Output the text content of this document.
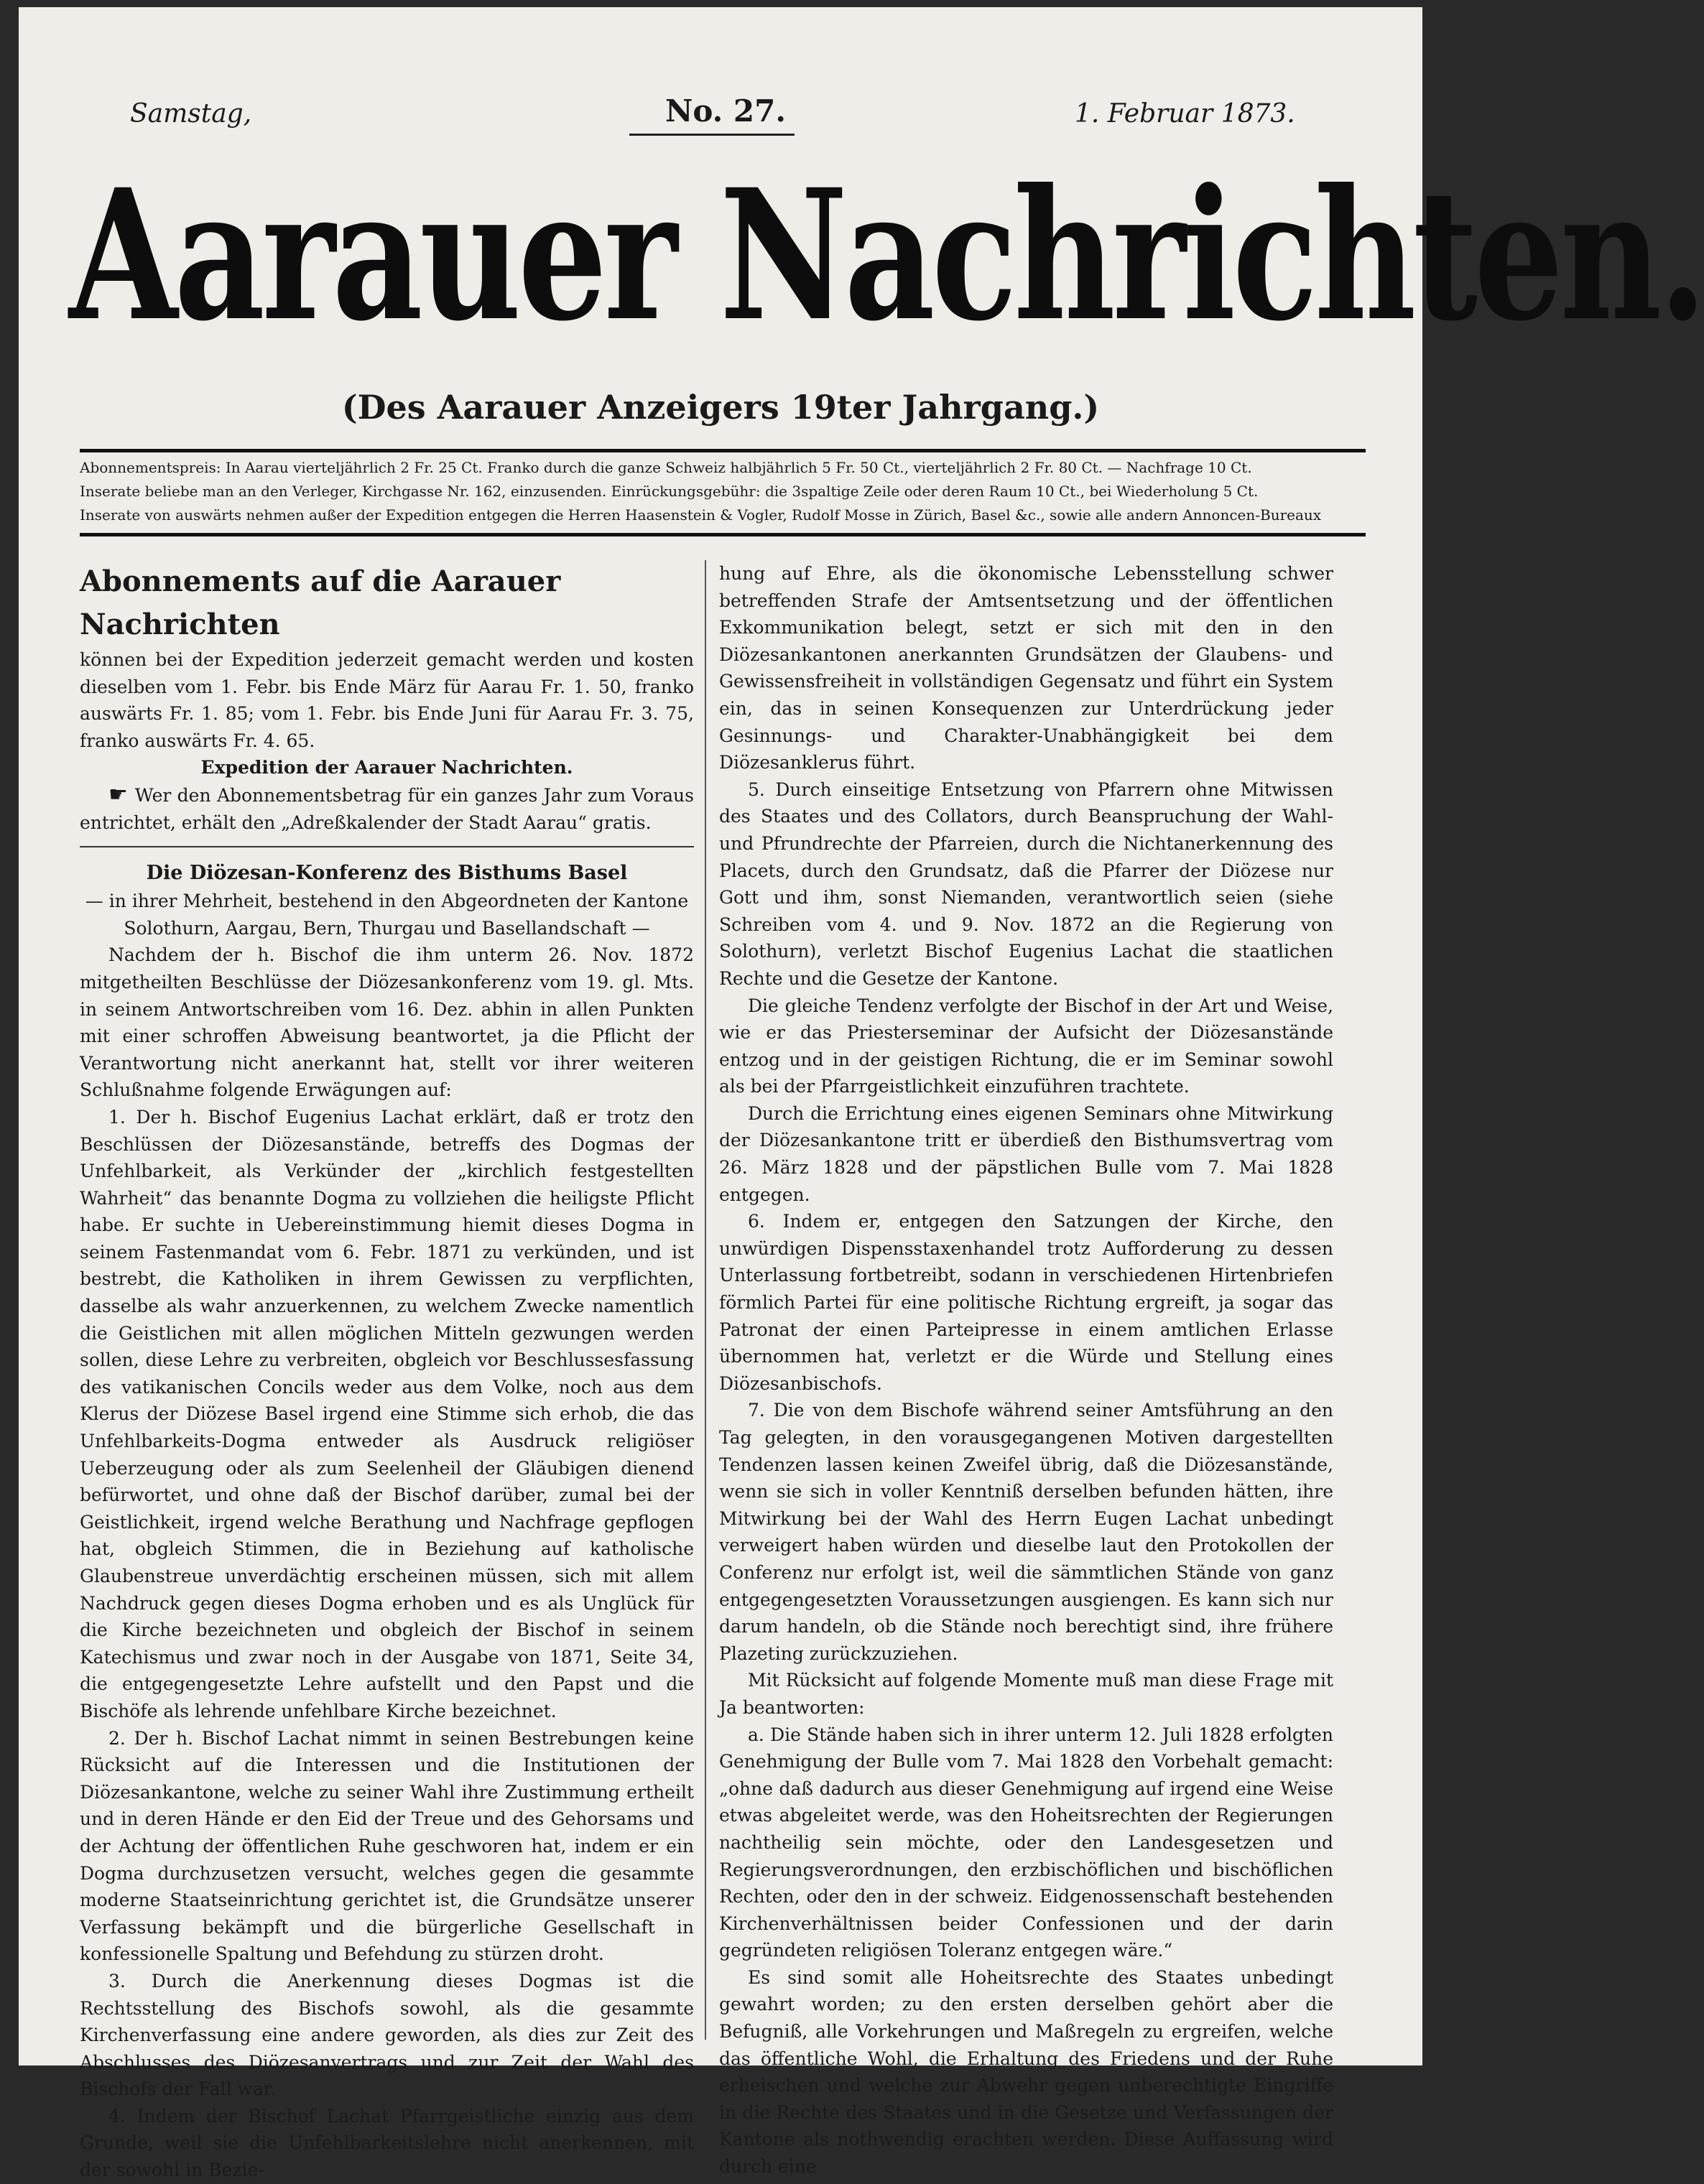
Samstag,	No. 27.	1. Februar 1873.
Aarauer Nachrichten.
(Des Aarauer Anzeigers 19ter Jahrgang.)
Abonnementspreis: In Aarau vierteljährlich 2 Fr. 25 Ct. Franko durch die ganze Schweiz halbjährlich 5 Fr. 50 Ct., vierteljährlich 2 Fr. 80 Ct. — Nachfrage 10 Ct.
Inserate beliebe man an den Verleger, Kirchgasse Nr. 162, einzusenden. Einrückungsgebühr: die 3spaltige Zeile oder deren Raum 10 Ct., bei Wiederholung 5 Ct.
Inserate von auswärts nehmen außer der Expedition entgegen die Herren Haasenstein & Vogler, Rudolf Mosse in Zürich, Basel &c., sowie alle andern Annoncen-Bureaux
Abonnements auf die Aarauer Nachrichten

können bei der Expedition jederzeit gemacht werden und kosten dieselben vom 1. Febr. bis Ende März für Aarau Fr. 1. 50, franko auswärts Fr. 1. 85; vom 1. Febr. bis Ende Juni für Aarau Fr. 3. 75, franko auswärts Fr. 4. 65.

Expedition der Aarauer Nachrichten.

☛ Wer den Abonnementsbetrag für ein ganzes Jahr zum Voraus entrichtet, erhält den „Adreßkalender der Stadt Aarau“ gratis.

Die Diözesan-Konferenz des Bisthums Basel

— in ihrer Mehrheit, bestehend in den Abgeordneten der Kantone Solothurn, Aargau, Bern, Thurgau und Basellandschaft —

Nachdem der h. Bischof die ihm unterm 26. Nov. 1872 mitgetheilten Beschlüsse der Diözesankonferenz vom 19. gl. Mts. in seinem Antwortschreiben vom 16. Dez. abhin in allen Punkten mit einer schroffen Abweisung beantwortet, ja die Pflicht der Verantwortung nicht anerkannt hat, stellt vor ihrer weiteren Schlußnahme folgende Erwägungen auf:

1. Der h. Bischof Eugenius Lachat erklärt, daß er trotz den Beschlüssen der Diözesanstände, betreffs des Dogmas der Unfehlbarkeit, als Verkünder der „kirchlich festgestellten Wahrheit“ das benannte Dogma zu vollziehen die heiligste Pflicht habe. Er suchte in Uebereinstimmung hiemit dieses Dogma in seinem Fastenmandat vom 6. Febr. 1871 zu verkünden, und ist bestrebt, die Katholiken in ihrem Gewissen zu verpflichten, dasselbe als wahr anzuerkennen, zu welchem Zwecke namentlich die Geistlichen mit allen möglichen Mitteln gezwungen werden sollen, diese Lehre zu verbreiten, obgleich vor Beschlussesfassung des vatikanischen Concils weder aus dem Volke, noch aus dem Klerus der Diözese Basel irgend eine Stimme sich erhob, die das Unfehlbarkeits-Dogma entweder als Ausdruck religiöser Ueberzeugung oder als zum Seelenheil der Gläubigen dienend befürwortet, und ohne daß der Bischof darüber, zumal bei der Geistlichkeit, irgend welche Berathung und Nachfrage gepflogen hat, obgleich Stimmen, die in Beziehung auf katholische Glaubenstreue unverdächtig erscheinen müssen, sich mit allem Nachdruck gegen dieses Dogma erhoben und es als Unglück für die Kirche bezeichneten und obgleich der Bischof in seinem Katechismus und zwar noch in der Ausgabe von 1871, Seite 34, die entgegengesetzte Lehre aufstellt und den Papst und die Bischöfe als lehrende unfehlbare Kirche bezeichnet.

2. Der h. Bischof Lachat nimmt in seinen Bestrebungen keine Rücksicht auf die Interessen und die Institutionen der Diözesankantone, welche zu seiner Wahl ihre Zustimmung ertheilt und in deren Hände er den Eid der Treue und des Gehorsams und der Achtung der öffentlichen Ruhe geschworen hat, indem er ein Dogma durchzusetzen versucht, welches gegen die gesammte moderne Staatseinrichtung gerichtet ist, die Grundsätze unserer Verfassung bekämpft und die bürgerliche Gesellschaft in konfessionelle Spaltung und Befehdung zu stürzen droht.

3. Durch die Anerkennung dieses Dogmas ist die Rechtsstellung des Bischofs sowohl, als die gesammte Kirchenverfassung eine andere geworden, als dies zur Zeit des Abschlusses des Diözesanvertrags und zur Zeit der Wahl des Bischofs der Fall war.

4. Indem der Bischof Lachat Pfarrgeistliche einzig aus dem Grunde, weil sie die Unfehlbarkeitslehre nicht anerkennen, mit der sowohl in Bezie-

hung auf Ehre, als die ökonomische Lebensstellung schwer betreffenden Strafe der Amtsentsetzung und der öffentlichen Exkommunikation belegt, setzt er sich mit den in den Diözesankantonen anerkannten Grundsätzen der Glaubens- und Gewissensfreiheit in vollständigen Gegensatz und führt ein System ein, das in seinen Konsequenzen zur Unterdrückung jeder Gesinnungs- und Charakter-Unabhängigkeit bei dem Diözesanklerus führt.

5. Durch einseitige Entsetzung von Pfarrern ohne Mitwissen des Staates und des Collators, durch Beanspruchung der Wahl- und Pfrundrechte der Pfarreien, durch die Nichtanerkennung des Placets, durch den Grundsatz, daß die Pfarrer der Diözese nur Gott und ihm, sonst Niemanden, verantwortlich seien (siehe Schreiben vom 4. und 9. Nov. 1872 an die Regierung von Solothurn), verletzt Bischof Eugenius Lachat die staatlichen Rechte und die Gesetze der Kantone.

Die gleiche Tendenz verfolgte der Bischof in der Art und Weise, wie er das Priesterseminar der Aufsicht der Diözesanstände entzog und in der geistigen Richtung, die er im Seminar sowohl als bei der Pfarrgeistlichkeit einzuführen trachtete.

Durch die Errichtung eines eigenen Seminars ohne Mitwirkung der Diözesankantone tritt er überdieß den Bisthumsvertrag vom 26. März 1828 und der päpstlichen Bulle vom 7. Mai 1828 entgegen.

6. Indem er, entgegen den Satzungen der Kirche, den unwürdigen Dispensstaxenhandel trotz Aufforderung zu dessen Unterlassung fortbetreibt, sodann in verschiedenen Hirtenbriefen förmlich Partei für eine politische Richtung ergreift, ja sogar das Patronat der einen Parteipresse in einem amtlichen Erlasse übernommen hat, verletzt er die Würde und Stellung eines Diözesanbischofs.

7. Die von dem Bischofe während seiner Amtsführung an den Tag gelegten, in den vorausgegangenen Motiven dargestellten Tendenzen lassen keinen Zweifel übrig, daß die Diözesanstände, wenn sie sich in voller Kenntniß derselben befunden hätten, ihre Mitwirkung bei der Wahl des Herrn Eugen Lachat unbedingt verweigert haben würden und dieselbe laut den Protokollen der Conferenz nur erfolgt ist, weil die sämmtlichen Stände von ganz entgegengesetzten Voraussetzungen ausgiengen. Es kann sich nur darum handeln, ob die Stände noch berechtigt sind, ihre frühere Plazeting zurückzuziehen.

Mit Rücksicht auf folgende Momente muß man diese Frage mit Ja beantworten:

a. Die Stände haben sich in ihrer unterm 12. Juli 1828 erfolgten Genehmigung der Bulle vom 7. Mai 1828 den Vorbehalt gemacht: „ohne daß dadurch aus dieser Genehmigung auf irgend eine Weise etwas abgeleitet werde, was den Hoheitsrechten der Regierungen nachtheilig sein möchte, oder den Landesgesetzen und Regierungsverordnungen, den erzbischöflichen und bischöflichen Rechten, oder den in der schweiz. Eidgenossenschaft bestehenden Kirchenverhältnissen beider Confessionen und der darin gegründeten religiösen Toleranz entgegen wäre.“

Es sind somit alle Hoheitsrechte des Staates unbedingt gewahrt worden; zu den ersten derselben gehört aber die Befugniß, alle Vorkehrungen und Maßregeln zu ergreifen, welche das öffentliche Wohl, die Erhaltung des Friedens und der Ruhe erheischen und welche zur Abwehr gegen unberechtigte Eingriffe in die Rechte des Staates und in die Gesetze und Verfassungen der Kantone als nothwendig erachten werden. Diese Auffassung wird durch eine
